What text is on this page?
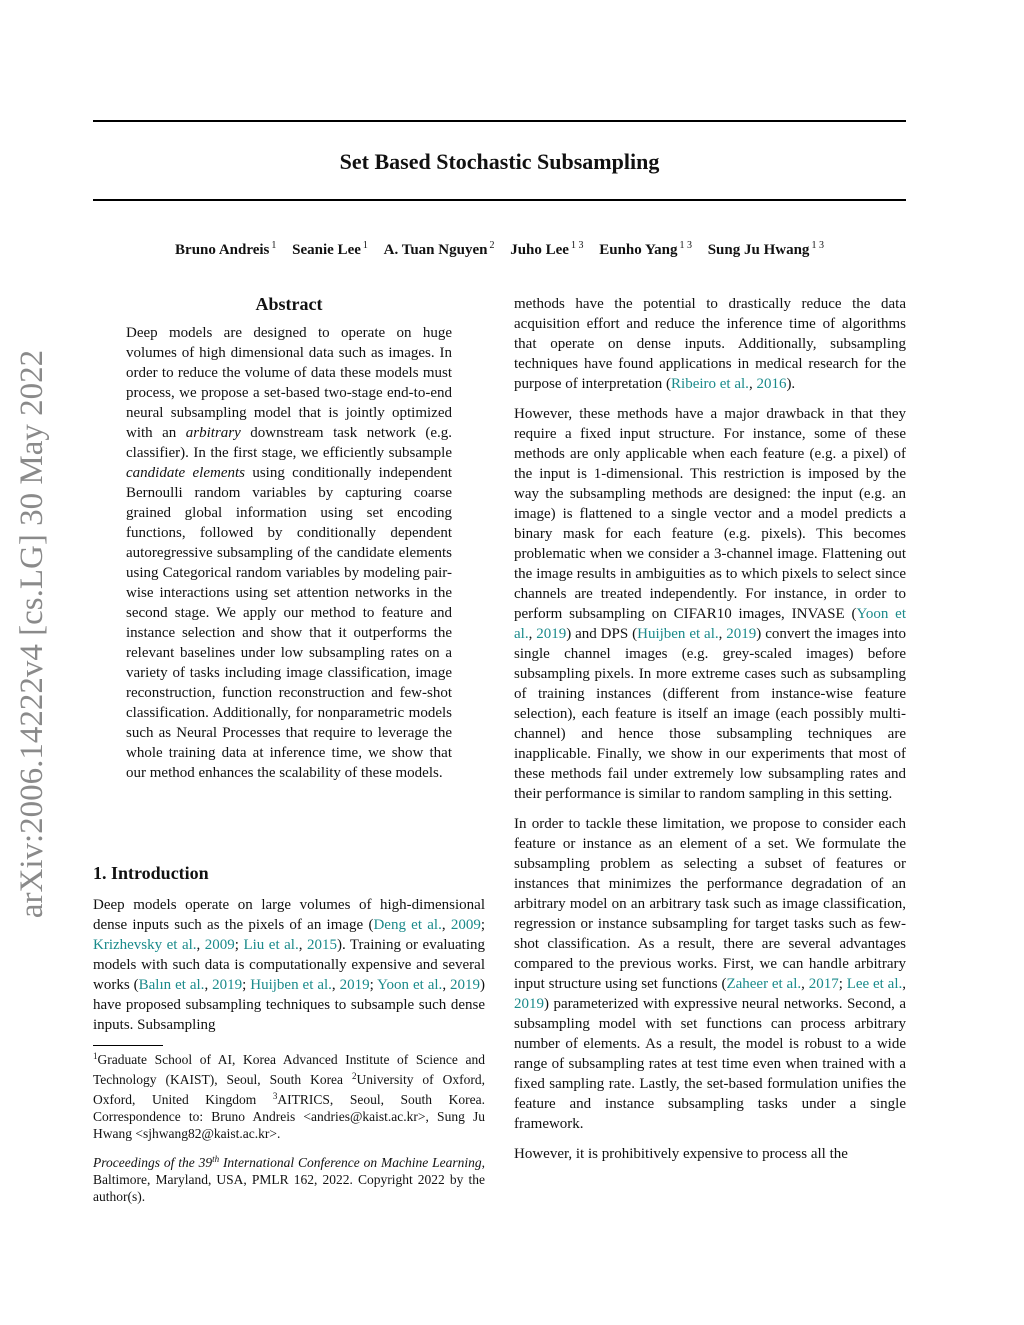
arXiv:2006.14222v4 [cs.LG] 30 May 2022
Set Based Stochastic Subsampling
Bruno Andreis $^1$ Seanie Lee $^1$ A. Tuan Nguyen $^2$ Juho Lee $^{1 3}$ Eunho Yang $^{1 3}$ Sung Ju Hwang $^{1 3}$
Abstract

Deep models are designed to operate on huge volumes of high dimensional data such as images. In order to reduce the volume of data these models must process, we propose a set-based two-stage end-to-end neural subsampling model that is jointly optimized with an arbitrary downstream task network (e.g. classifier). In the first stage, we efficiently subsample candidate elements using conditionally independent Bernoulli random variables by capturing coarse grained global information using set encoding functions, followed by conditionally dependent autoregressive subsampling of the candidate elements using Categorical random variables by modeling pair-wise interactions using set attention networks in the second stage. We apply our method to feature and instance selection and show that it outperforms the relevant baselines under low subsampling rates on a variety of tasks including image classification, image reconstruction, function reconstruction and few-shot classification. Additionally, for nonparametric models such as Neural Processes that require to leverage the whole training data at inference time, we show that our method enhances the scalability of these models.

1. Introduction

Deep models operate on large volumes of high-dimensional dense inputs such as the pixels of an image (Deng et al., 2009; Krizhevsky et al., 2009; Liu et al., 2015). Training or evaluating models with such data is computationally expensive and several works (Balın et al., 2019; Huijben et al., 2019; Yoon et al., 2019) have proposed subsampling techniques to subsample such dense inputs. Subsampling

$^1$Graduate School of AI, Korea Advanced Institute of Science and Technology (KAIST), Seoul, South Korea $^2$University of Oxford, Oxford, United Kingdom $^3$AITRICS, Seoul, South Korea. Correspondence to: Bruno Andreis <andries@kaist.ac.kr>, Sung Ju Hwang <sjhwang82@kaist.ac.kr>.

Proceedings of the 39th International Conference on Machine Learning, Baltimore, Maryland, USA, PMLR 162, 2022. Copyright 2022 by the author(s).

methods have the potential to drastically reduce the data acquisition effort and reduce the inference time of algorithms that operate on dense inputs. Additionally, subsampling techniques have found applications in medical research for the purpose of interpretation (Ribeiro et al., 2016).

However, these methods have a major drawback in that they require a fixed input structure. For instance, some of these methods are only applicable when each feature (e.g. a pixel) of the input is 1-dimensional. This restriction is imposed by the way the subsampling methods are designed: the input (e.g. an image) is flattened to a single vector and a model predicts a binary mask for each feature (e.g. pixels). This becomes problematic when we consider a 3-channel image. Flattening out the image results in ambiguities as to which pixels to select since channels are treated independently. For instance, in order to perform subsampling on CIFAR10 images, INVASE (Yoon et al., 2019) and DPS (Huijben et al., 2019) convert the images into single channel images (e.g. grey-scaled images) before subsampling pixels. In more extreme cases such as subsampling of training instances (different from instance-wise feature selection), each feature is itself an image (each possibly multi-channel) and hence those subsampling techniques are inapplicable. Finally, we show in our experiments that most of these methods fail under extremely low subsampling rates and their performance is similar to random sampling in this setting.

In order to tackle these limitation, we propose to consider each feature or instance as an element of a set. We formulate the subsampling problem as selecting a subset of features or instances that minimizes the performance degradation of an arbitrary model on an arbitrary task such as image classification, regression or instance subsampling for target tasks such as few-shot classification. As a result, there are several advantages compared to the previous works. First, we can handle arbitrary input structure using set functions (Zaheer et al., 2017; Lee et al., 2019) parameterized with expressive neural networks. Second, a subsampling model with set functions can process arbitrary number of elements. As a result, the model is robust to a wide range of subsampling rates at test time even when trained with a fixed sampling rate. Lastly, the set-based formulation unifies the feature and instance subsampling tasks under a single framework.

However, it is prohibitively expensive to process all the
